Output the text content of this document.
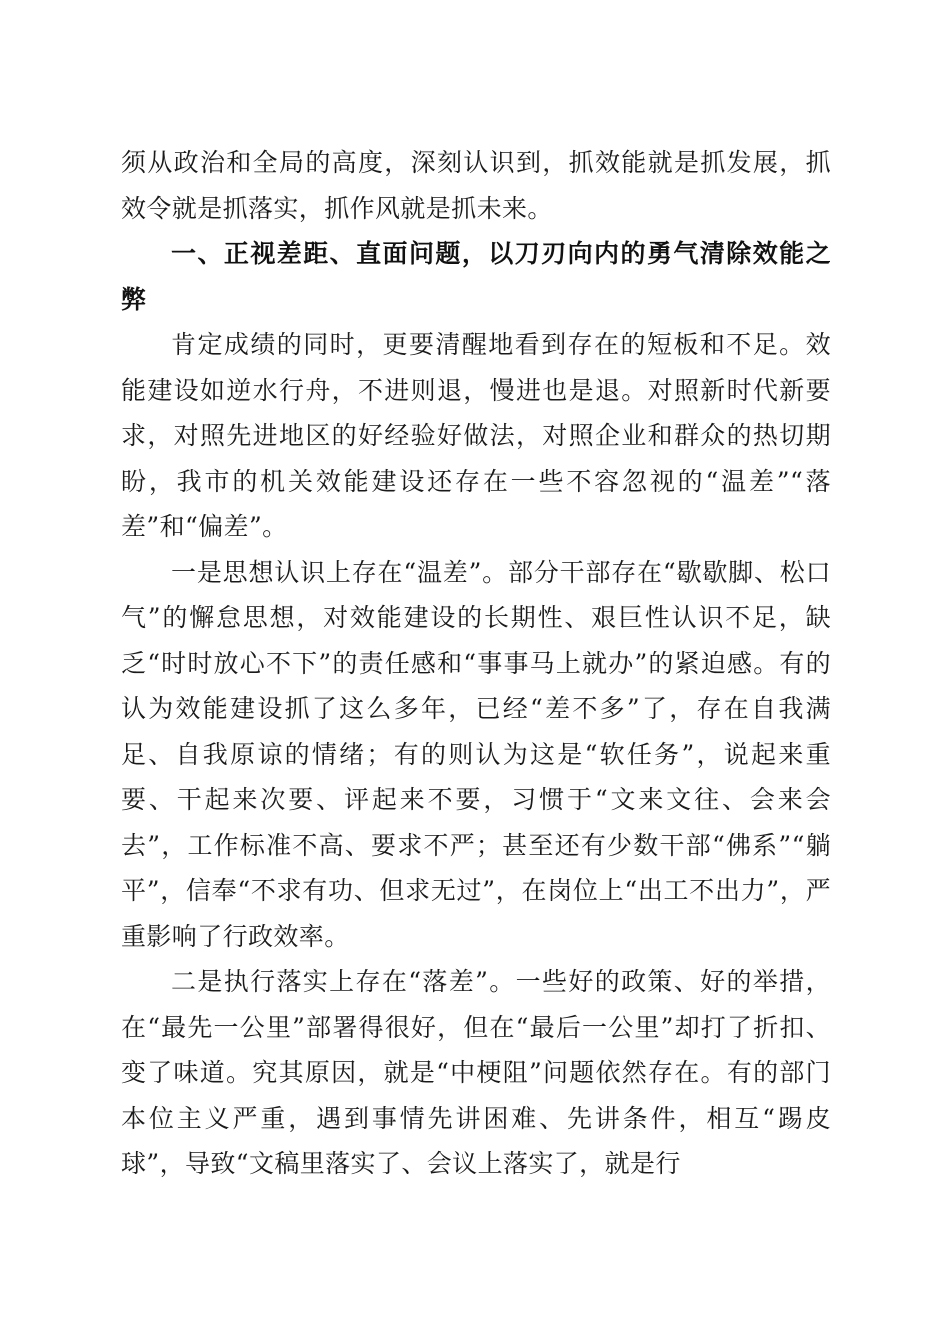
须从政治和全局的高度，深刻认识到，抓效能就是抓发展，抓效令就是抓落实，抓作风就是抓未来。

一、正视差距、直面问题，以刀刃向内的勇气清除效能之弊

肯定成绩的同时，更要清醒地看到存在的短板和不足。效能建设如逆水行舟，不进则退，慢进也是退。对照新时代新要求，对照先进地区的好经验好做法，对照企业和群众的热切期盼，我市的机关效能建设还存在一些不容忽视的“温差”“落差”和“偏差”。

一是思想认识上存在“温差”。部分干部存在“歇歇脚、松口气”的懈怠思想，对效能建设的长期性、艰巨性认识不足，缺乏“时时放心不下”的责任感和“事事马上就办”的紧迫感。有的认为效能建设抓了这么多年，已经“差不多”了，存在自我满足、自我原谅的情绪；有的则认为这是“软任务”，说起来重要、干起来次要、评起来不要，习惯于“文来文往、会来会去”，工作标准不高、要求不严；甚至还有少数干部“佛系”“躺平”，信奉“不求有功、但求无过”，在岗位上“出工不出力”，严重影响了行政效率。

二是执行落实上存在“落差”。一些好的政策、好的举措，在“最先一公里”部署得很好，但在“最后一公里”却打了折扣、变了味道。究其原因，就是“中梗阻”问题依然存在。有的部门本位主义严重，遇到事情先讲困难、先讲条件，相互“踢皮球”，导致“文稿里落实了、会议上落实了，就是行
